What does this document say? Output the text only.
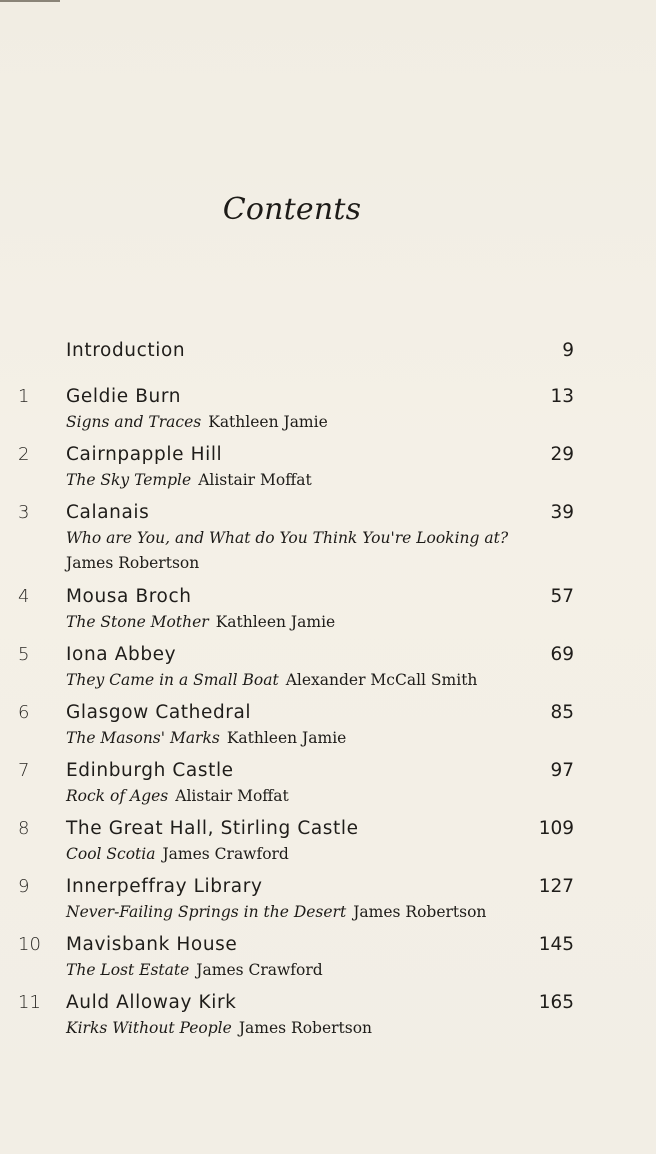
Contents
Introduction	9
1 Geldie Burn	13
Signs and Traces Kathleen Jamie
2 Cairnpapple Hill	29
The Sky Temple Alistair Moffat
3 Calanais	39
Who are You, and What do You Think You're Looking at?
James Robertson
4 Mousa Broch	57
The Stone Mother Kathleen Jamie
5 Iona Abbey	69
They Came in a Small Boat Alexander McCall Smith
6 Glasgow Cathedral	85
The Masons' Marks Kathleen Jamie
7 Edinburgh Castle	97
Rock of Ages Alistair Moffat
8 The Great Hall, Stirling Castle	109
Cool Scotia James Crawford
9 Innerpeffray Library	127
Never-Failing Springs in the Desert James Robertson
10 Mavisbank House	145
The Lost Estate James Crawford
11 Auld Alloway Kirk	165
Kirks Without People James Robertson
